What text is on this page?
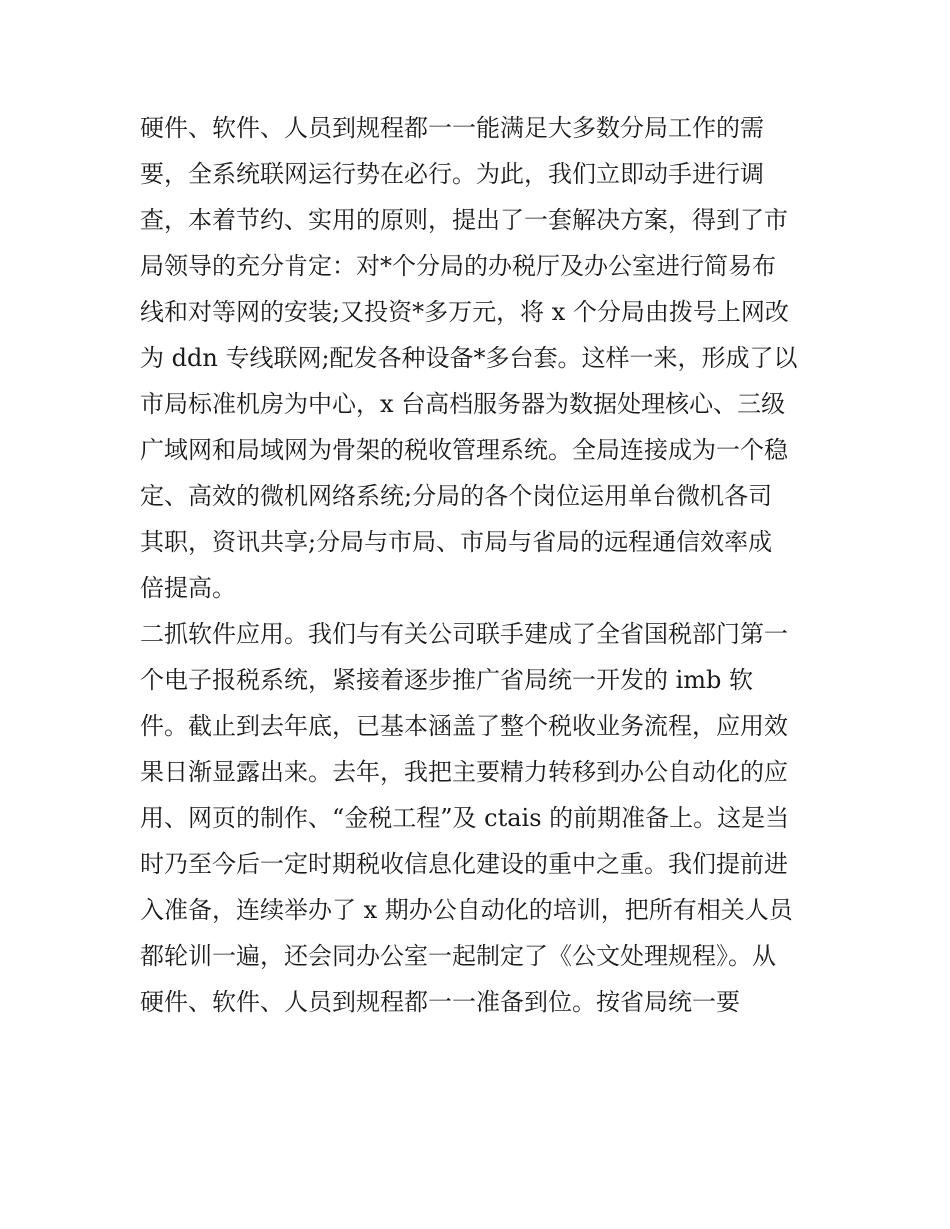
硬件、软件、人员到规程都一一能满足大多数分局工作的需
要，全系统联网运行势在必行。为此，我们立即动手进行调
查，本着节约、实用的原则，提出了一套解决方案，得到了市
局领导的充分肯定：对*个分局的办税厅及办公室进行简易布
线和对等网的安装;又投资*多万元，将 x 个分局由拨号上网改
为 ddn 专线联网;配发各种设备*多台套。这样一来，形成了以
市局标准机房为中心，x 台高档服务器为数据处理核心、三级
广域网和局域网为骨架的税收管理系统。全局连接成为一个稳
定、高效的微机网络系统;分局的各个岗位运用单台微机各司
其职，资讯共享;分局与市局、市局与省局的远程通信效率成
倍提高。
二抓软件应用。我们与有关公司联手建成了全省国税部门第一
个电子报税系统，紧接着逐步推广省局统一开发的 imb 软
件。截止到去年底，已基本涵盖了整个税收业务流程，应用效
果日渐显露出来。去年，我把主要精力转移到办公自动化的应
用、网页的制作、“金税工程”及 ctais 的前期准备上。这是当
时乃至今后一定时期税收信息化建设的重中之重。我们提前进
入准备，连续举办了 x 期办公自动化的培训，把所有相关人员
都轮训一遍，还会同办公室一起制定了《公文处理规程》。从
硬件、软件、人员到规程都一一准备到位。按省局统一要
